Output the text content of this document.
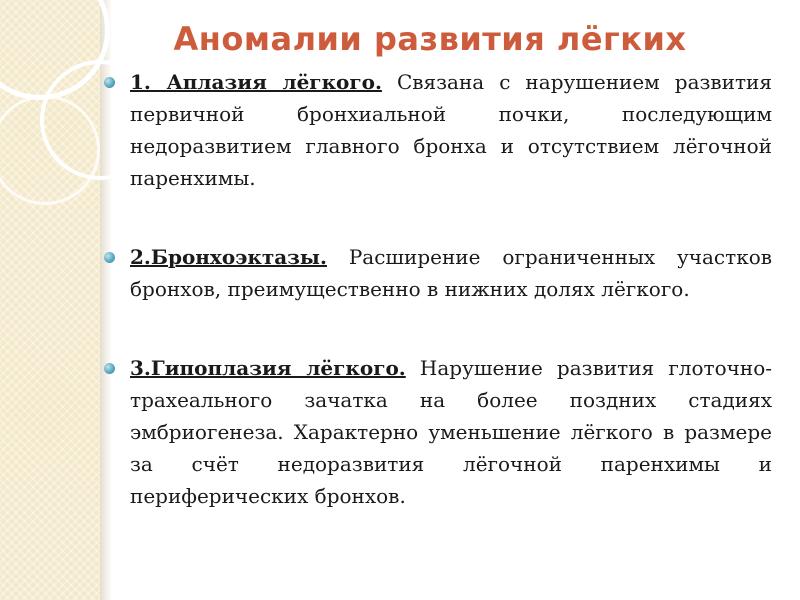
Аномалии развития лёгких
1. Аплазия лёгкого. Связана с нарушением развития первичной бронхиальной почки, последующим недоразвитием главного бронха и отсутствием лёгочной паренхимы.
2.Бронхоэктазы. Расширение ограниченных участков бронхов, преимущественно в нижних долях лёгкого.
3.Гипоплазия лёгкого. Нарушение развития глоточно-трахеального зачатка на более поздних стадиях эмбриогенеза. Характерно уменьшение лёгкого в размере за счёт недоразвития лёгочной паренхимы и периферических бронхов.
